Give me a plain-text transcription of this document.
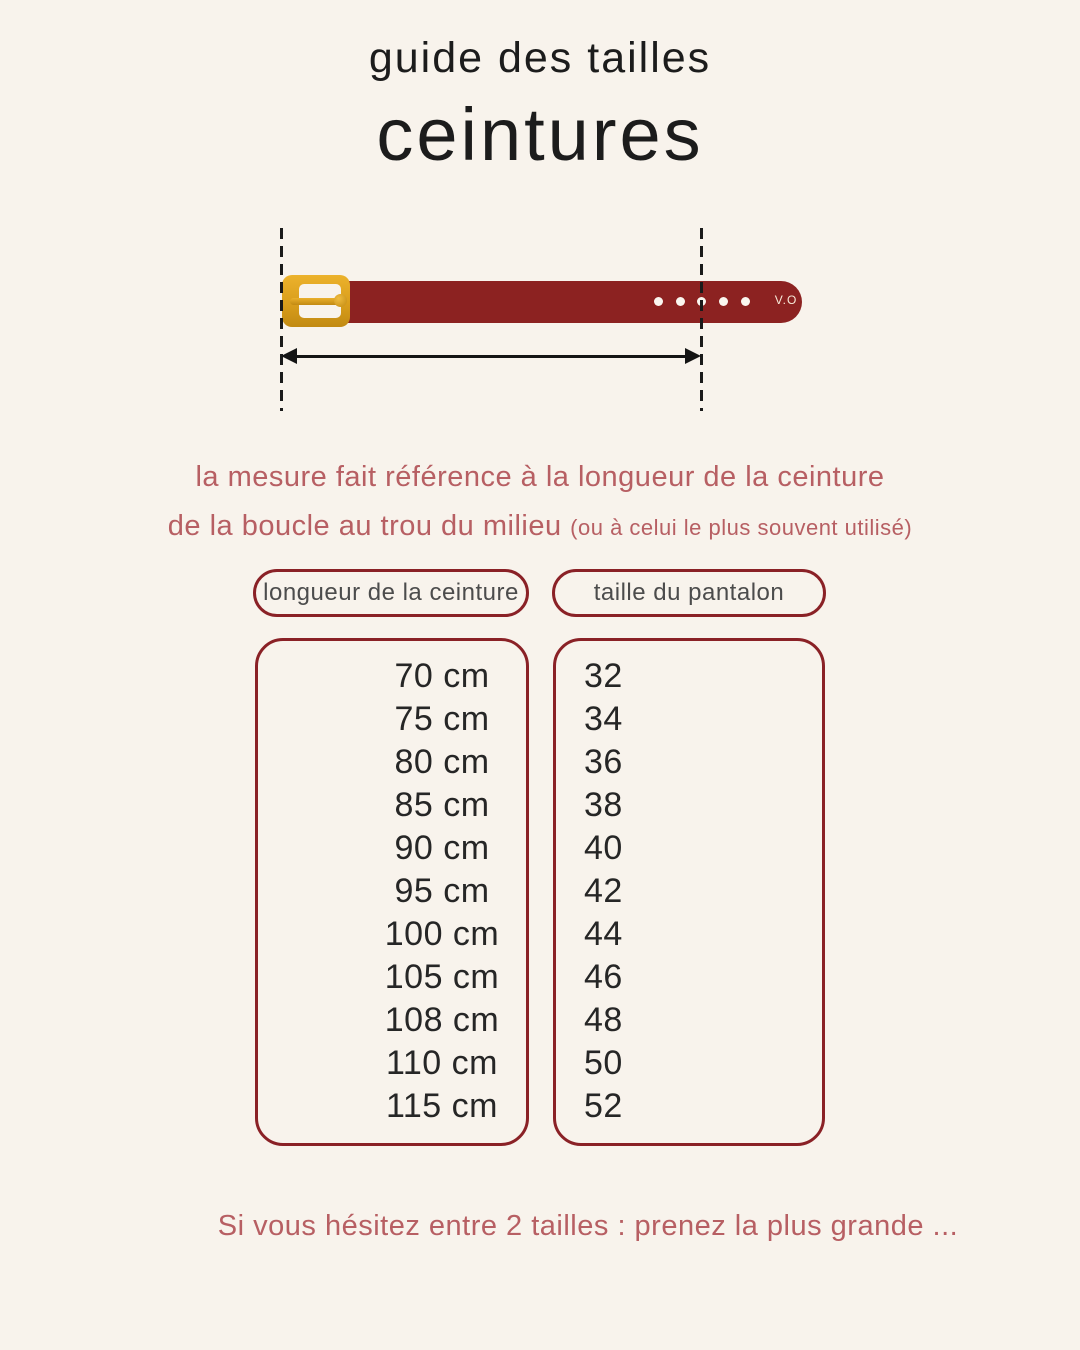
guide des tailles
ceintures
V.O
la mesure fait référence à la longueur de la ceinture
de la boucle au trou du milieu (ou à celui le plus souvent utilisé)
longueur de la ceinture	taille du pantalon
70 cm
75 cm
80 cm
85 cm
90 cm
95 cm
100 cm
105 cm
108 cm
110 cm
115 cm
32
34
36
38
40
42
44
46
48
50
52
Si vous hésitez entre 2 tailles : prenez la plus grande ...
